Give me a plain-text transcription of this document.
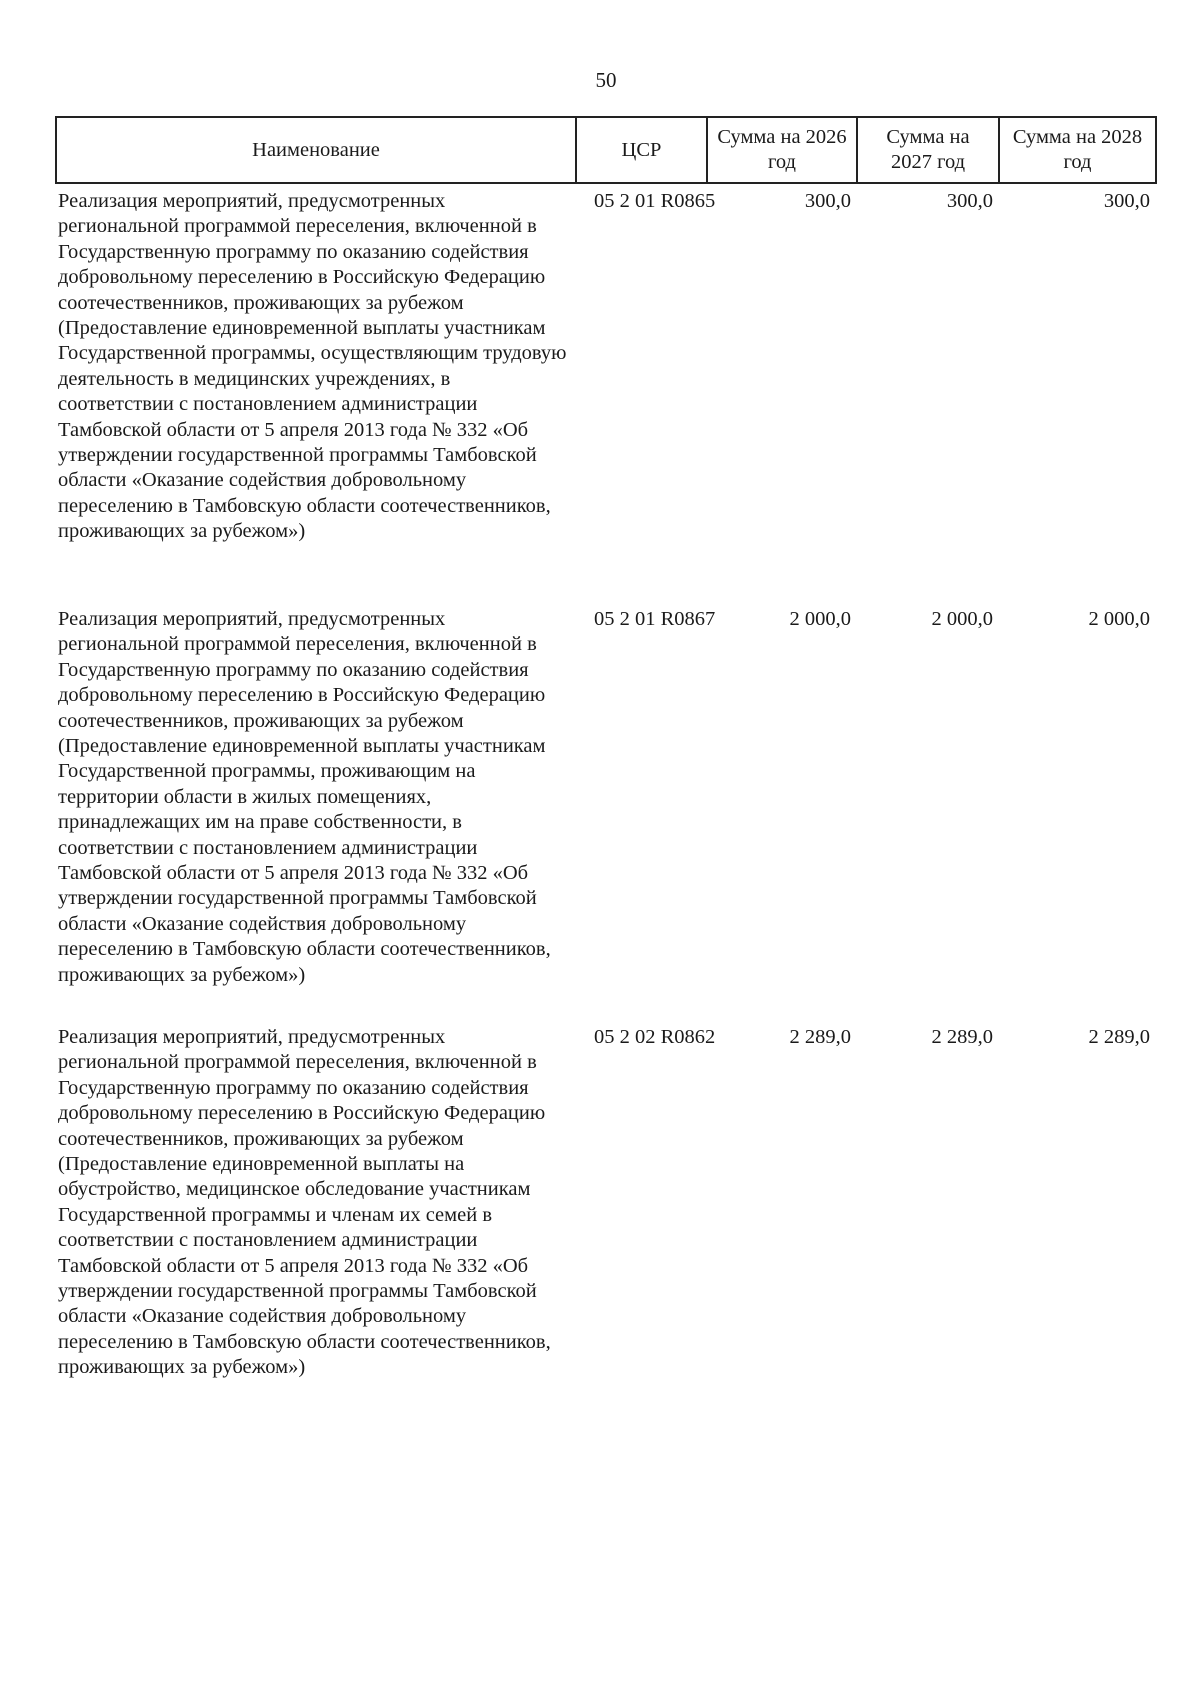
50
Наименование	ЦСР	Сумма на 2026 год	Сумма на 2027 год	Сумма на 2028 год
Реализация мероприятий, предусмотренных региональной программой переселения, включенной в Государственную программу по оказанию содействия добровольному переселению в Российскую Федерацию соотечественников, проживающих за рубежом (Предоставление единовременной выплаты участникам Государственной программы, осуществляющим трудовую деятельность в медицинских учреждениях, в соответствии с постановлением администрации Тамбовской области от 5 апреля 2013 года № 332 «Об утверждении государственной программы Тамбовской области «Оказание содействия добровольному переселению в Тамбовскую области соотечественников, проживающих за рубежом»)	05 2 01 R0865	300,0	300,0	300,0
Реализация мероприятий, предусмотренных региональной программой переселения, включенной в Государственную программу по оказанию содействия добровольному переселению в Российскую Федерацию соотечественников, проживающих за рубежом (Предоставление единовременной выплаты участникам Государственной программы, проживающим на территории области в жилых помещениях, принадлежащих им на праве собственности, в соответствии с постановлением администрации Тамбовской области от 5 апреля 2013 года № 332 «Об утверждении государственной программы Тамбовской области «Оказание содействия добровольному переселению в Тамбовскую области соотечественников, проживающих за рубежом»)	05 2 01 R0867	2 000,0	2 000,0	2 000,0
Реализация мероприятий, предусмотренных региональной программой переселения, включенной в Государственную программу по оказанию содействия добровольному переселению в Российскую Федерацию соотечественников, проживающих за рубежом (Предоставление единовременной выплаты на обустройство, медицинское обследование участникам Государственной программы и членам их семей в соответствии с постановлением администрации Тамбовской области от 5 апреля 2013 года № 332 «Об утверждении государственной программы Тамбовской области «Оказание содействия добровольному переселению в Тамбовскую области соотечественников, проживающих за рубежом»)	05 2 02 R0862	2 289,0	2 289,0	2 289,0
